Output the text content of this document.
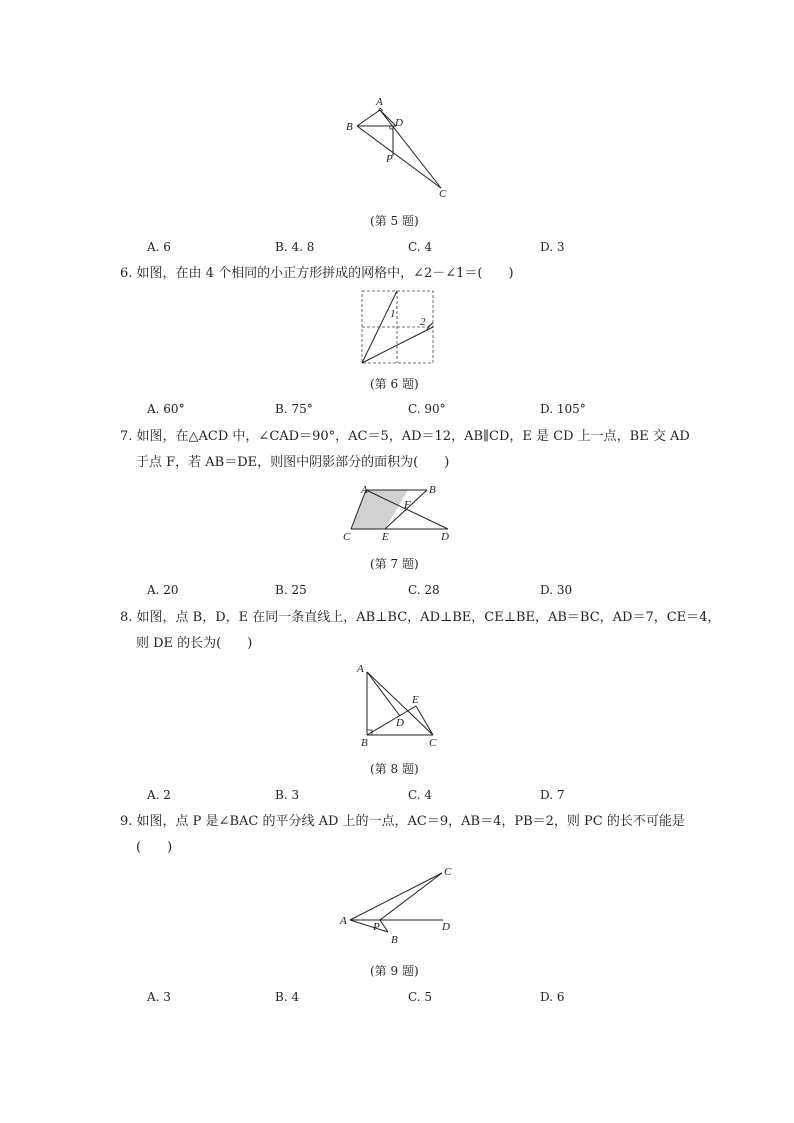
A
B	D
P
C
(第 5 题)
A. 6	B. 4. 8	C. 4	D. 3
6. 如图，在由 4 个相同的小正方形拼成的网格中，∠2－∠1＝(　　)
1
2
(第 6 题)
A. 60°	B. 75°	C. 90°	D. 105°
7. 如图，在△ACD 中，∠CAD＝90°，AC＝5，AD＝12，AB∥CD，E 是 CD 上一点，BE 交 AD
于点 F，若 AB＝DE，则图中阴影部分的面积为(　　)
A	B
F
C	E	D
(第 7 题)
A. 20	B. 25	C. 28	D. 30
8. 如图，点 B，D，E 在同一条直线上，AB⊥BC，AD⊥BE，CE⊥BE，AB＝BC，AD＝7，CE＝4，
则 DE 的长为(　　)
A
E
D
B	C
(第 8 题)
A. 2	B. 3	C. 4	D. 7
9. 如图，点 P 是∠BAC 的平分线 AD 上的一点，AC＝9，AB＝4，PB＝2，则 PC 的长不可能是
(　　)
C
A P	D
B
(第 9 题)
A. 3	B. 4	C. 5	D. 6
